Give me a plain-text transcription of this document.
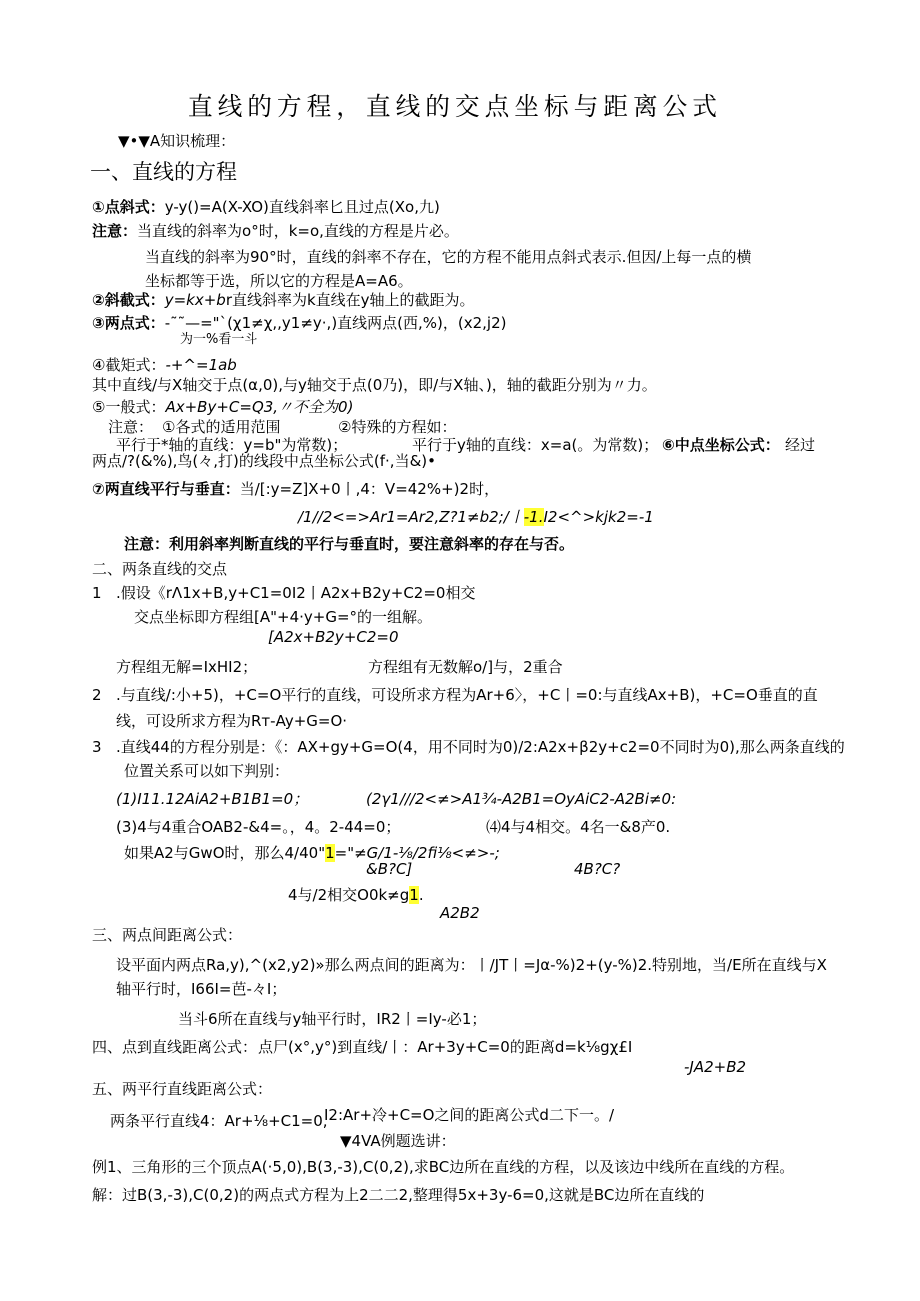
直线的方程，直线的交点坐标与距离公式
▼•▼A知识梳理：
一、直线的方程
①点斜式：y-y()=A(X-XO)直线斜率匕且过点(Xo,九)
注意：当直线的斜率为o°时，k=o,直线的方程是片必。
当直线的斜率为90°时，直线的斜率不存在，它的方程不能用点斜式表示.但因/上每一点的横
坐标都等于选，所以它的方程是A=A6。
②斜截式：y=kx+br直线斜率为k直线在y轴上的截距为。
③两点式：-˜˜—="`(χ1≠χ,,y1≠y·,)直线两点(西,%)，(x2,j2)
为一%看一斗
④截矩式：-+^=1ab
其中直线/与X轴交于点(α,0),与y轴交于点(0乃)，即/与X轴、)，轴的截距分别为〃力。
⑤一般式：Ax+By+C=Q3,〃不全为0)
注意： ①各式的适用范围	②特殊的方程如：
平行于*轴的直线：y=b"为常数)；	平行于y轴的直线：x=a(。为常数)； ⑥中点坐标公式： 经过
两点/?(&%),鸟(々,打)的线段中点坐标公式(f·,当&)•
⑦两直线平行与垂直：当/[:y=Z]X+0丨,4：V=42%+)2时，
/1//2<=>Ar1=Ar2,Z?1≠b2;/丨-1.I2<^>kjk2=-1
注意：利用斜率判断直线的平行与垂直时，要注意斜率的存在与否。
二、两条直线的交点
1 .假设《rΛ1x+B,y+C1=0I2丨A2x+B2y+C2=0相交
交点坐标即方程组[A"+4·y+G=°的一组解。
[A2x+B2y+C2=0
方程组无解=IxHI2；	方程组有无数解o/]与，2重合
2 .与直线/:小+5)，+C=O平行的直线，可设所求方程为Ar+6〉，+C丨=0:与直线Ax+B)，+C=O垂直的直
线，可设所求方程为Rт-Ay+G=O·
3 .直线44的方程分别是：《：AX+gy+G=O(4，用不同时为0)/2:A2x+β2y+c2=0不同时为0),那么两条直线的
位置关系可以如下判别：
(1)I11.12AiA2+B1B1=0；	(2γ1///2<≠>A1¾-A2B1=OyAiC2-A2Bi≠0:
(3)4与4重合OAB2-&4=。，4。2-44=0；	⑷4与4相交。4名一&8产0.
如果A2与GwO时，那么4/40"1="≠G∕1-⅛∕2fi⅛<≠>-;
&B?C]	4B?C?
4与/2相交O0k≠g1.
A2B2
三、两点间距离公式：
设平面内两点Ra,y),^(x2,y2)»那么两点间的距离为：丨/JT丨=Jα-%)2+(y-%)2.特别地，当/E所在直线与X
轴平行时，I66I=芭-々I；
当斗6所在直线与y轴平行时，IR2丨=Iy-必1；
四、点到直线距离公式： 点尸(x°,y°)到直线/丨：Ar+3y+C=0的距离d=k⅛gχ£I
-JA2+B2
五、两平行直线距离公式：
两条平行直线4：Ar+⅛+C1=0,
I2:Ar+冷+C=O之间的距离公式d二下一。/
▼4VA例题选讲：
例1、三角形的三个顶点A(·5,0),B(3,-3),C(0,2),求BC边所在直线的方程，以及该边中线所在直线的方程。
解：过B(3,-3),C(0,2)的两点式方程为上2二二2,整理得5x+3y-6=0,这就是BC边所在直线的
